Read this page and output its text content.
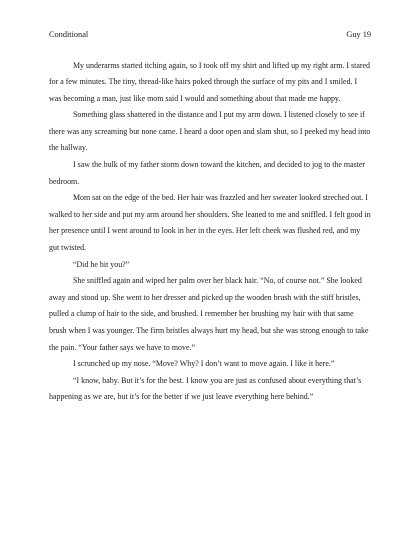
Conditional	Guy 19

My underarms started itching again, so I took off my shirt and lifted up my right arm. I stared for a few minutes. The tiny, thread-like hairs poked through the surface of my pits and I smiled. I was becoming a man, just like mom said I would and something about that made me happy.

Something glass shattered in the distance and I put my arm down. I listened closely to see if there was any screaming but none came. I heard a door open and slam shut, so I peeked my head into the hallway.

I saw the bulk of my father storm down toward the kitchen, and decided to jog to the master bedroom.

Mom sat on the edge of the bed. Her hair was frazzled and her sweater looked streched out. I walked to her side and put my arm around her shoulders. She leaned to me and sniffled. I felt good in her presence until I went around to look in her in the eyes. Her left cheek was flushed red, and my gut twisted.

“Did he hit you?”

She sniffled again and wiped her palm over her black hair. “No, of course not.” She looked away and stood up. She went to her dresser and picked up the wooden brush with the stiff bristles, pulled a clump of hair to the side, and brushed. I remember her brushing my hair with that same brush when I was younger. The firm bristles always hurt my head, but she was strong enough to take the pain. “Your father says we have to move.”

I scrunched up my nose. “Move? Why? I don’t want to move again. I like it here.”

“I know, baby. But it’s for the best. I know you are just as confused about everything that’s happening as we are, but it’s for the better if we just leave everything here behind.”
